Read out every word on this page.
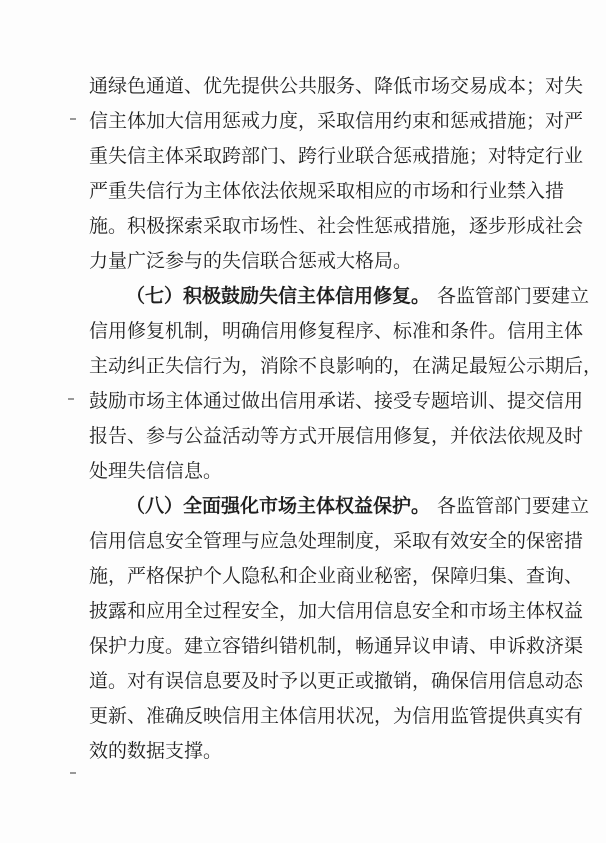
通绿色通道、优先提供公共服务、降低市场交易成本；对失
信主体加大信用惩戒力度，采取信用约束和惩戒措施；对严
重失信主体采取跨部门、跨行业联合惩戒措施；对特定行业
严重失信行为主体依法依规采取相应的市场和行业禁入措
施。积极探索采取市场性、社会性惩戒措施，逐步形成社会
力量广泛参与的失信联合惩戒大格局。
（七）积极鼓励失信主体信用修复。 各监管部门要建立
信用修复机制，明确信用修复程序、标准和条件。信用主体
主动纠正失信行为，消除不良影响的，在满足最短公示期后，
鼓励市场主体通过做出信用承诺、接受专题培训、提交信用
报告、参与公益活动等方式开展信用修复，并依法依规及时
处理失信信息。
（八）全面强化市场主体权益保护。 各监管部门要建立
信用信息安全管理与应急处理制度，采取有效安全的保密措
施，严格保护个人隐私和企业商业秘密，保障归集、查询、
披露和应用全过程安全，加大信用信息安全和市场主体权益
保护力度。建立容错纠错机制，畅通异议申请、申诉救济渠
道。对有误信息要及时予以更正或撤销，确保信用信息动态
更新、准确反映信用主体信用状况，为信用监管提供真实有
效的数据支撑。
